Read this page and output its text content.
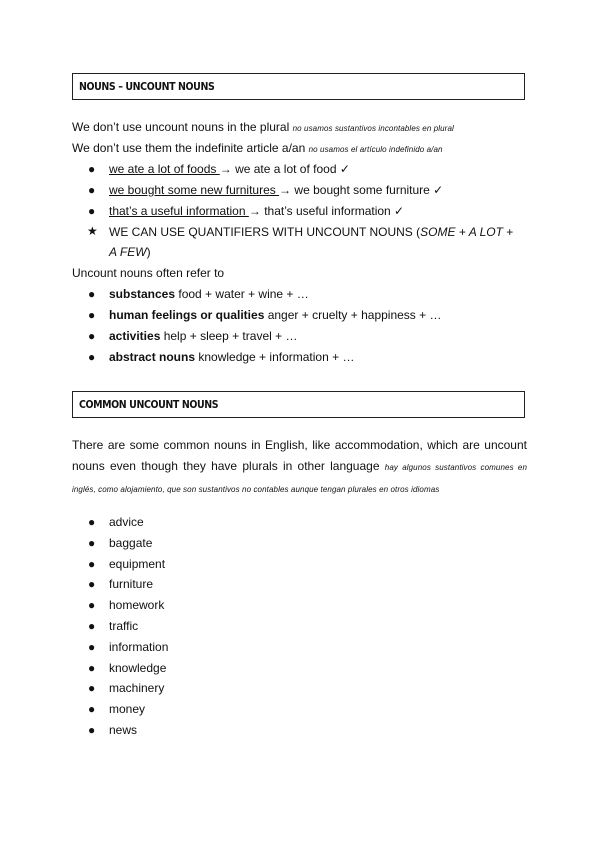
NOUNS – UNCOUNT NOUNS
We don’t use uncount nouns in the plural no usamos sustantivos incontables en plural
We don’t use them the indefinite article a/an no usamos el artículo indefinido a/an
● we ate a lot of foods → we ate a lot of food ✓
● we bought some new furnitures → we bought some furniture ✓
● that’s a useful information → that’s useful information ✓
★ WE CAN USE QUANTIFIERS WITH UNCOUNT NOUNS (SOME + A LOT +
A FEW)
Uncount nouns often refer to
● substances food + water + wine + …
● human feelings or qualities anger + cruelty + happiness + …
● activities help + sleep + travel + …
● abstract nouns knowledge + information + …
COMMON UNCOUNT NOUNS
There are some common nouns in English, like accommodation, which are uncount nouns even though they have plurals in other language hay algunos sustantivos comunes en inglés, como alojamiento, que son sustantivos no contables aunque tengan plurales en otros idiomas
● advice
● baggate
● equipment
● furniture
● homework
● traffic
● information
● knowledge
● machinery
● money
● news
